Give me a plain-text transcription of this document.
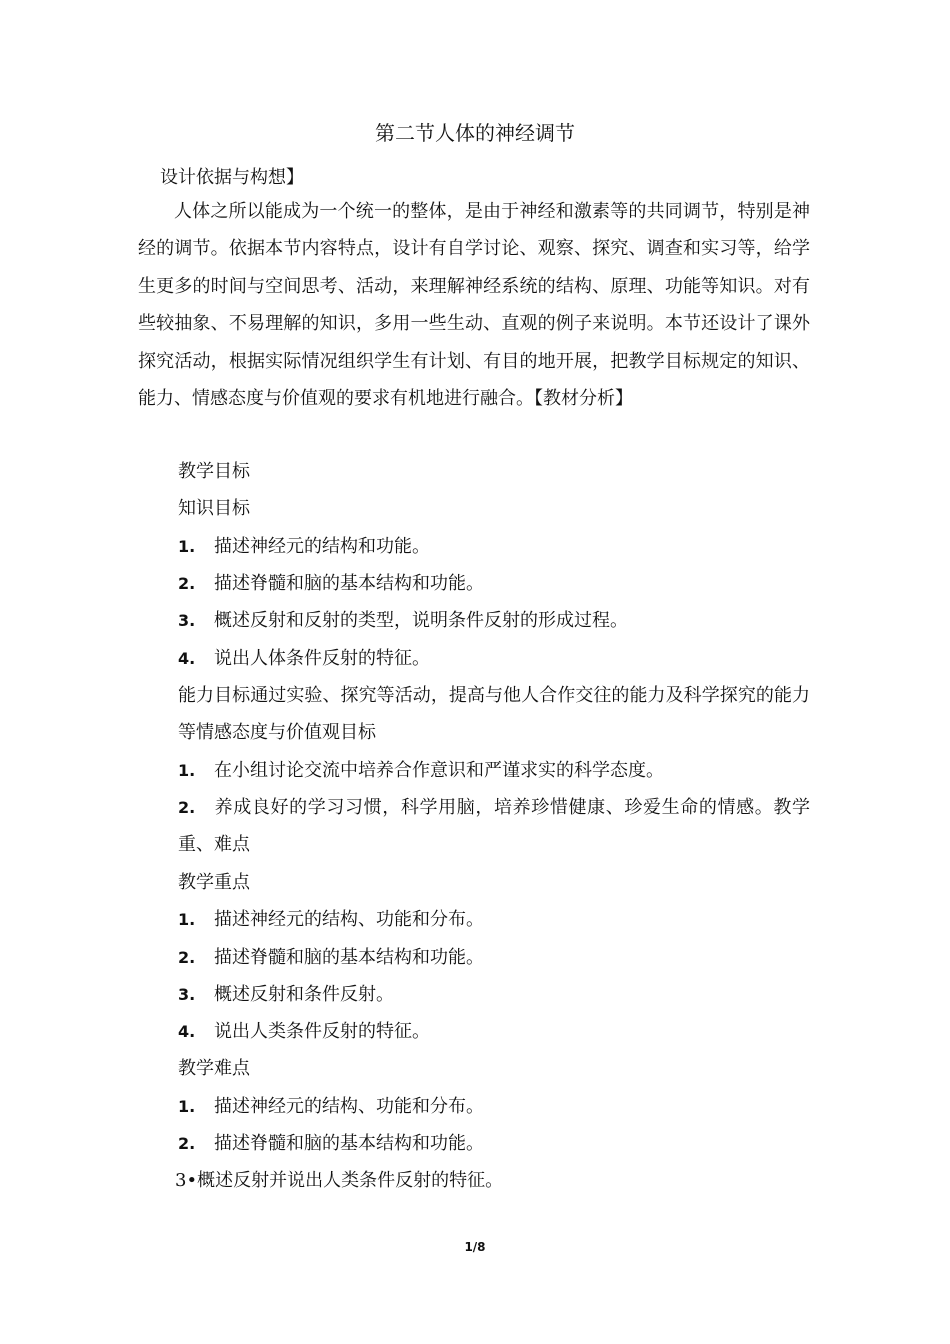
第二节人体的神经调节
设计依据与构想】

人体之所以能成为一个统一的整体，是由于神经和激素等的共同调节，特别是神经的调节。依据本节内容特点，设计有自学讨论、观察、探究、调查和实习等，给学生更多的时间与空间思考、活动，来理解神经系统的结构、原理、功能等知识。对有些较抽象、不易理解的知识，多用一些生动、直观的例子来说明。本节还设计了课外探究活动，根据实际情况组织学生有计划、有目的地开展，把教学目标规定的知识、能力、情感态度与价值观的要求有机地进行融合。【教材分析】

教学目标
知识目标
1. 描述神经元的结构和功能。
2. 描述脊髓和脑的基本结构和功能。
3. 概述反射和反射的类型，说明条件反射的形成过程。
4. 说出人体条件反射的特征。

能力目标通过实验、探究等活动，提高与他人合作交往的能力及科学探究的能力等情感态度与价值观目标

1. 在小组讨论交流中培养合作意识和严谨求实的科学态度。

2. 养成良好的学习习惯，科学用脑，培养珍惜健康、珍爱生命的情感。教学重、难点

教学重点
1. 描述神经元的结构、功能和分布。
2. 描述脊髓和脑的基本结构和功能。
3. 概述反射和条件反射。
4. 说出人类条件反射的特征。
教学难点
1. 描述神经元的结构、功能和分布。
2. 描述脊髓和脑的基本结构和功能。
3•概述反射并说出人类条件反射的特征。
1/8
